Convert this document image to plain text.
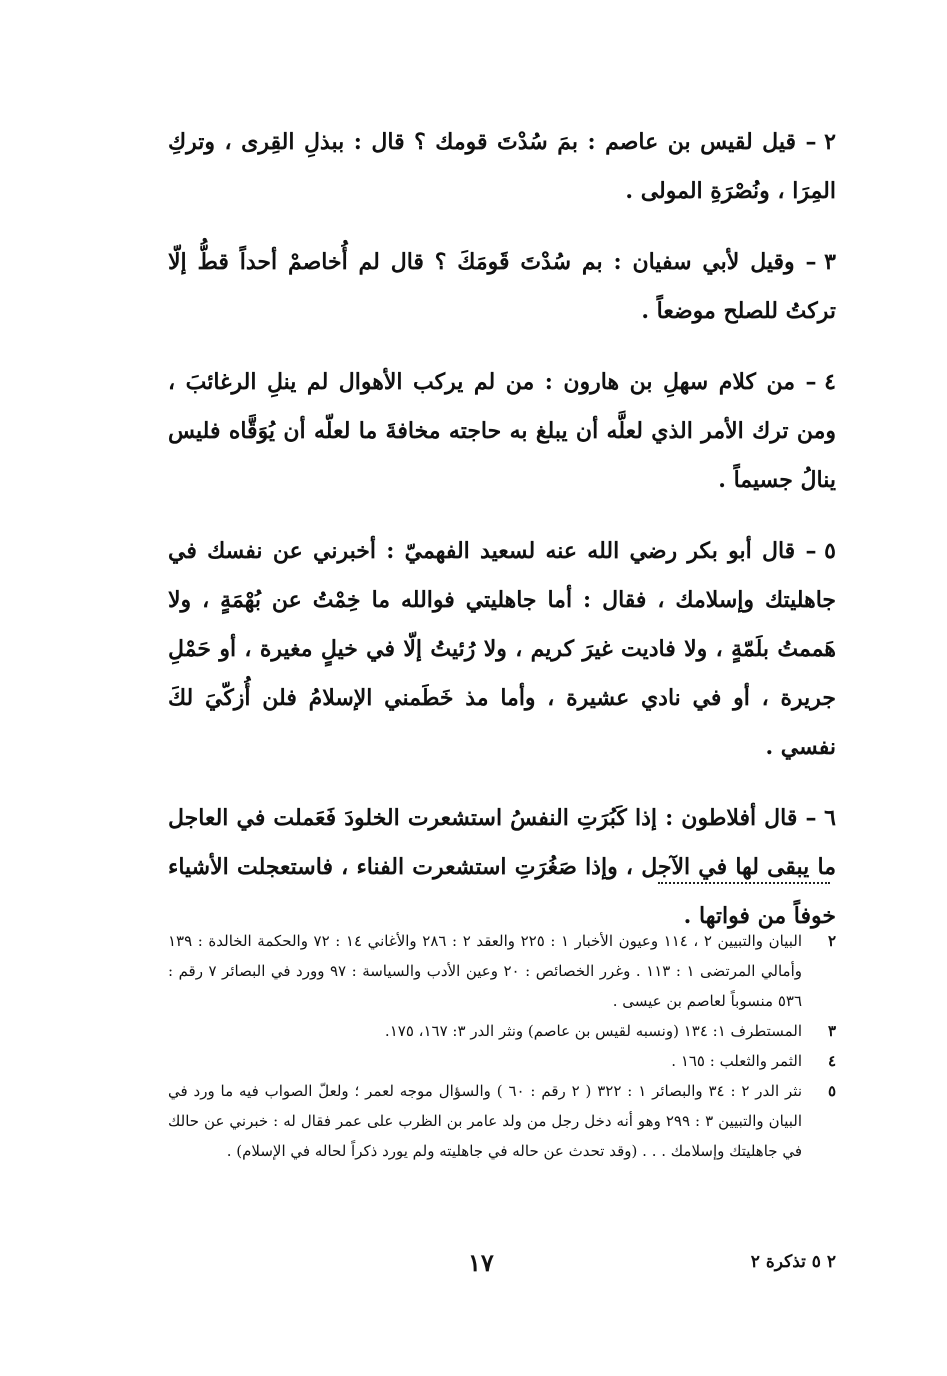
٢ – قيل لقيس بن عاصم : بمَ سُدْتَ قومك ؟ قال : ببذلِ القِرى ، وتركِ المِرَا ، ونُصْرَةِ المولى .

٣ – وقيل لأبي سفيان : بم سُدْتَ قَومَكَ ؟ قال لم أُخاصمْ أحداً قطُّ إلّا تركتُ للصلح موضعاً .

٤ – من كلام سهلِ بن هارون : من لم يركب الأهوال لم ينلِ الرغائبَ ، ومن ترك الأمر الذي لعلَّه أن يبلغ به حاجته مخافةَ ما لعلّه أن يُوَقَّاه فليس ينالُ جسيماً .

٥ – قال أبو بكر رضي الله عنه لسعيد الفهميّ : أخبرني عن نفسك في جاهليتك وإسلامك ، فقال : أما جاهليتي فوالله ما خِمْتُ عن بُهْمَةٍ ، ولا هَممتُ بلَمّةٍ ، ولا فاديت غيرَ كريم ، ولا رُئيتُ إلّا في خيلٍ مغيرة ، أو حَمْلِ جريرة ، أو في نادي عشيرة ، وأما مذ خَطَمني الإسلامُ فلن أُزكّيَ لكَ نفسي .

٦ – قال أفلاطون : إذا كَبُرَتِ النفسُ استشعرت الخلودَ فَعَملت في العاجل ما يبقى لها في الآجل ، وإذا صَغُرَتِ استشعرت الفناء ، فاستعجلت الأشياء خوفاً من فواتها .

٢
البيان والتبيين ٢ ، ١١٤ وعيون الأخبار ١ : ٢٢٥ والعقد ٢ : ٢٨٦ والأغاني ١٤ : ٧٢ والحكمة الخالدة : ١٣٩ وأمالي المرتضى ١ : ١١٣ . وغرر الخصائص : ٢٠ وعين الأدب والسياسة : ٩٧ وورد في البصائر ٧ رقم : ٥٣٦ منسوباً لعاصم بن عيسى .
٣
المستطرف ١: ١٣٤ (ونسبه لقيس بن عاصم) ونثر الدر ٣: ١٦٧، ١٧٥.
٤
الثمر والثعلب : ١٦٥ .
٥
نثر الدر ٢ : ٣٤ والبصائر ١ : ٣٢٢ ( ٢ رقم : ٦٠ ) والسؤال موجه لعمر ؛ ولعلّ الصواب فيه ما ورد في البيان والتبيين ٣ : ٢٩٩ وهو أنه دخل رجل من ولد عامر بن الظرب على عمر فقال له : خبرني عن حالك في جاهليتك وإسلامك . . . (وقد تحدث عن حاله في جاهليته ولم يورد ذكراً لحاله في الإسلام) .
٢ ٥ تذكرة ٢
١٧
